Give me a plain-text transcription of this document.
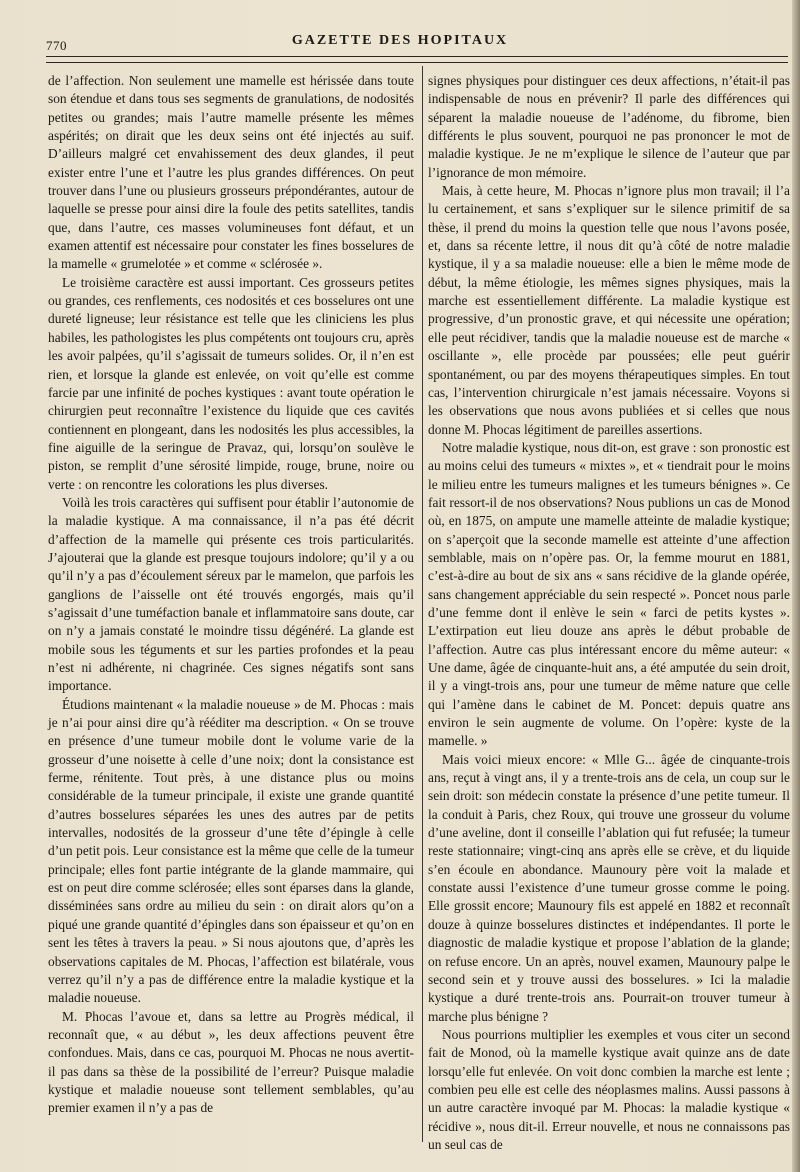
770	GAZETTE DES HOPITAUX

de l’affection. Non seulement une mamelle est hérissée dans toute son étendue et dans tous ses segments de granulations, de nodosités petites ou grandes; mais l’autre mamelle présente les mêmes aspérités; on dirait que les deux seins ont été injectés au suif. D’ailleurs malgré cet envahissement des deux glandes, il peut exister entre l’une et l’autre les plus grandes différences. On peut trouver dans l’une ou plusieurs grosseurs prépondérantes, autour de laquelle se presse pour ainsi dire la foule des petits satellites, tandis que, dans l’autre, ces masses volumineuses font défaut, et un examen attentif est nécessaire pour constater les fines bosselures de la mamelle « grumelotée » et comme « sclérosée ».

Le troisième caractère est aussi important. Ces grosseurs petites ou grandes, ces renflements, ces nodosités et ces bosselures ont une dureté ligneuse; leur résistance est telle que les cliniciens les plus habiles, les pathologistes les plus compétents ont toujours cru, après les avoir palpées, qu’il s’agissait de tumeurs solides. Or, il n’en est rien, et lorsque la glande est enlevée, on voit qu’elle est comme farcie par une infinité de poches kystiques : avant toute opération le chirurgien peut reconnaître l’existence du liquide que ces cavités contiennent en plongeant, dans les nodosités les plus accessibles, la fine aiguille de la seringue de Pravaz, qui, lorsqu’on soulève le piston, se remplit d’une sérosité limpide, rouge, brune, noire ou verte : on rencontre les colorations les plus diverses.

Voilà les trois caractères qui suffisent pour établir l’autonomie de la maladie kystique. A ma connaissance, il n’a pas été décrit d’affection de la mamelle qui présente ces trois particularités. J’ajouterai que la glande est presque toujours indolore; qu’il y a ou qu’il n’y a pas d’écoulement séreux par le mamelon, que parfois les ganglions de l’aisselle ont été trouvés engorgés, mais qu’il s’agissait d’une tuméfaction banale et inflammatoire sans doute, car on n’y a jamais constaté le moindre tissu dégénéré. La glande est mobile sous les téguments et sur les parties profondes et la peau n’est ni adhérente, ni chagrinée. Ces signes négatifs sont sans importance.

Étudions maintenant « la maladie noueuse » de M. Phocas : mais je n’ai pour ainsi dire qu’à rééditer ma description. « On se trouve en présence d’une tumeur mobile dont le volume varie de la grosseur d’une noisette à celle d’une noix; dont la consistance est ferme, rénitente. Tout près, à une distance plus ou moins considérable de la tumeur principale, il existe une grande quantité d’autres bosselures séparées les unes des autres par de petits intervalles, nodosités de la grosseur d’une tête d’épingle à celle d’un petit pois. Leur consistance est la même que celle de la tumeur principale; elles font partie intégrante de la glande mammaire, qui est on peut dire comme sclérosée; elles sont éparses dans la glande, disséminées sans ordre au milieu du sein : on dirait alors qu’on a piqué une grande quantité d’épingles dans son épaisseur et qu’on en sent les têtes à travers la peau. » Si nous ajoutons que, d’après les observations capitales de M. Phocas, l’affection est bilatérale, vous verrez qu’il n’y a pas de différence entre la maladie kystique et la maladie noueuse.

M. Phocas l’avoue et, dans sa lettre au Progrès médical, il reconnaît que, « au début », les deux affections peuvent être confondues. Mais, dans ce cas, pourquoi M. Phocas ne nous avertit-il pas dans sa thèse de la possibilité de l’erreur? Puisque maladie kystique et maladie noueuse sont tellement semblables, qu’au premier examen il n’y a pas de

signes physiques pour distinguer ces deux affections, n’était-il pas indispensable de nous en prévenir? Il parle des différences qui séparent la maladie noueuse de l’adénome, du fibrome, bien différents le plus souvent, pourquoi ne pas prononcer le mot de maladie kystique. Je ne m’explique le silence de l’auteur que par l’ignorance de mon mémoire.

Mais, à cette heure, M. Phocas n’ignore plus mon travail; il l’a lu certainement, et sans s’expliquer sur le silence primitif de sa thèse, il prend du moins la question telle que nous l’avons posée, et, dans sa récente lettre, il nous dit qu’à côté de notre maladie kystique, il y a sa maladie noueuse: elle a bien le même mode de début, la même étiologie, les mêmes signes physiques, mais la marche est essentiellement différente. La maladie kystique est progressive, d’un pronostic grave, et qui nécessite une opération; elle peut récidiver, tandis que la maladie noueuse est de marche « oscillante », elle procède par poussées; elle peut guérir spontanément, ou par des moyens thérapeutiques simples. En tout cas, l’intervention chirurgicale n’est jamais nécessaire. Voyons si les observations que nous avons publiées et si celles que nous donne M. Phocas légitiment de pareilles assertions.

Notre maladie kystique, nous dit-on, est grave : son pronostic est au moins celui des tumeurs « mixtes », et « tiendrait pour le moins le milieu entre les tumeurs malignes et les tumeurs bénignes ». Ce fait ressort-il de nos observations? Nous publions un cas de Monod où, en 1875, on ampute une mamelle atteinte de maladie kystique; on s’aperçoit que la seconde mamelle est atteinte d’une affection semblable, mais on n’opère pas. Or, la femme mourut en 1881, c’est-à-dire au bout de six ans « sans récidive de la glande opérée, sans changement appréciable du sein respecté ». Poncet nous parle d’une femme dont il enlève le sein « farci de petits kystes ». L’extirpation eut lieu douze ans après le début probable de l’affection. Autre cas plus intéressant encore du même auteur: « Une dame, âgée de cinquante-huit ans, a été amputée du sein droit, il y a vingt-trois ans, pour une tumeur de même nature que celle qui l’amène dans le cabinet de M. Poncet: depuis quatre ans environ le sein augmente de volume. On l’opère: kyste de la mamelle. »

Mais voici mieux encore: « Mlle G... âgée de cinquante-trois ans, reçut à vingt ans, il y a trente-trois ans de cela, un coup sur le sein droit: son médecin constate la présence d’une petite tumeur. Il la conduit à Paris, chez Roux, qui trouve une grosseur du volume d’une aveline, dont il conseille l’ablation qui fut refusée; la tumeur reste stationnaire; vingt-cinq ans après elle se crève, et du liquide s’en écoule en abondance. Maunoury père voit la malade et constate aussi l’existence d’une tumeur grosse comme le poing. Elle grossit encore; Maunoury fils est appelé en 1882 et reconnaît douze à quinze bosselures distinctes et indépendantes. Il porte le diagnostic de maladie kystique et propose l’ablation de la glande; on refuse encore. Un an après, nouvel examen, Maunoury palpe le second sein et y trouve aussi des bosselures. » Ici la maladie kystique a duré trente-trois ans. Pourrait-on trouver tumeur à marche plus bénigne ?

Nous pourrions multiplier les exemples et vous citer un second fait de Monod, où la mamelle kystique avait quinze ans de date lorsqu’elle fut enlevée. On voit donc combien la marche est lente ; combien peu elle est celle des néoplasmes malins. Aussi passons à un autre caractère invoqué par M. Phocas: la maladie kystique « récidive », nous dit-il. Erreur nouvelle, et nous ne connaissons pas un seul cas de
